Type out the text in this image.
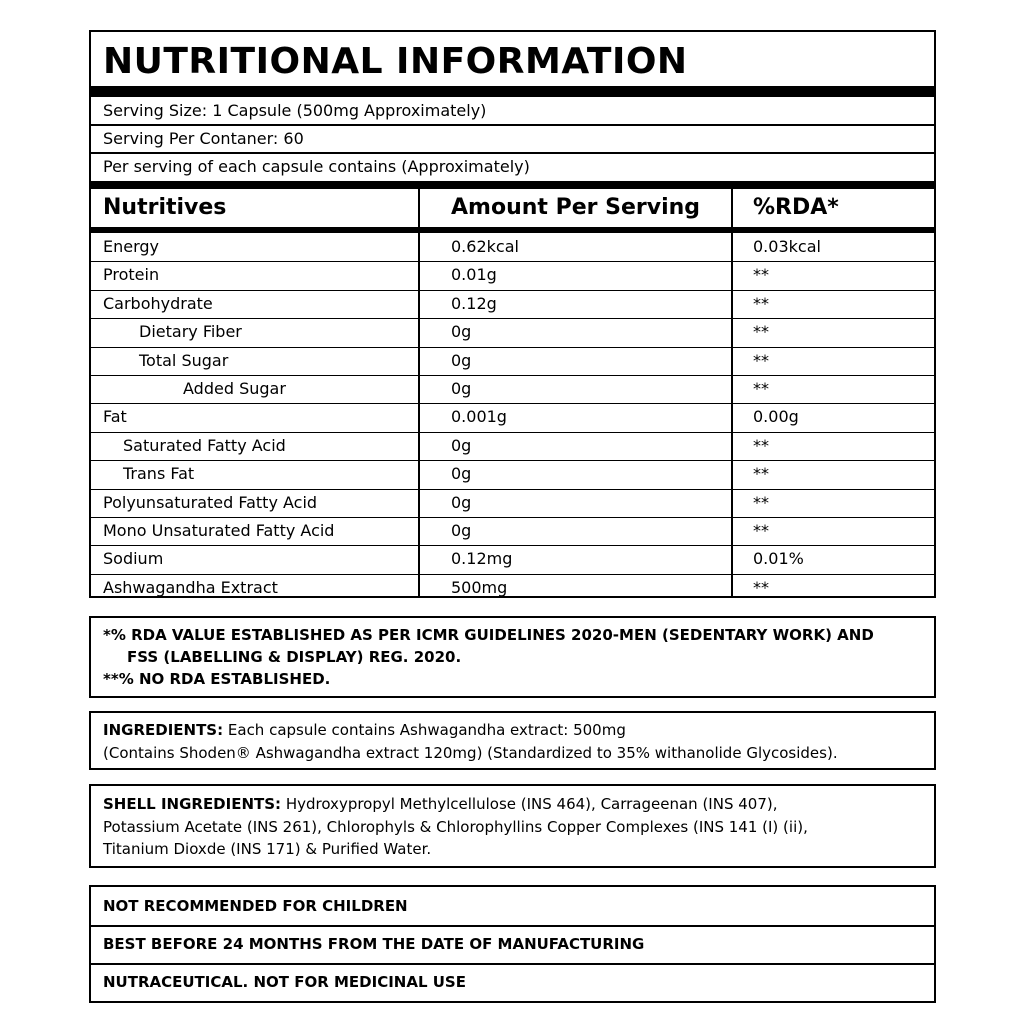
NUTRITIONAL INFORMATION
Serving Size: 1 Capsule (500mg Approximately)
Serving Per Contaner: 60
Per serving of each capsule contains (Approximately)
Nutritives	Amount Per Serving %RDA*
Energy	0.62kcal	0.03kcal
Protein	0.01g	**
Carbohydrate	0.12g	**
Dietary Fiber	0g	**
Total Sugar	0g	**
Added Sugar	0g	**
Fat	0.001g	0.00g
Saturated Fatty Acid	0g	**
Trans Fat	0g	**
Polyunsaturated Fatty Acid	0g	**
Mono Unsaturated Fatty Acid	0g	**
Sodium	0.12mg	0.01%
Ashwagandha Extract	500mg	**
*% RDA VALUE ESTABLISHED AS PER ICMR GUIDELINES 2020-MEN (SEDENTARY WORK) AND
FSS (LABELLING & DISPLAY) REG. 2020.
**% NO RDA ESTABLISHED.
INGREDIENTS: Each capsule contains Ashwagandha extract: 500mg
(Contains Shoden® Ashwagandha extract 120mg) (Standardized to 35% withanolide Glycosides).
SHELL INGREDIENTS: Hydroxypropyl Methylcellulose (INS 464), Carrageenan (INS 407),
Potassium Acetate (INS 261), Chlorophyls & Chlorophyllins Copper Complexes (INS 141 (I) (ii),
Titanium Dioxde (INS 171) & Purified Water.
NOT RECOMMENDED FOR CHILDREN
BEST BEFORE 24 MONTHS FROM THE DATE OF MANUFACTURING
NUTRACEUTICAL. NOT FOR MEDICINAL USE
